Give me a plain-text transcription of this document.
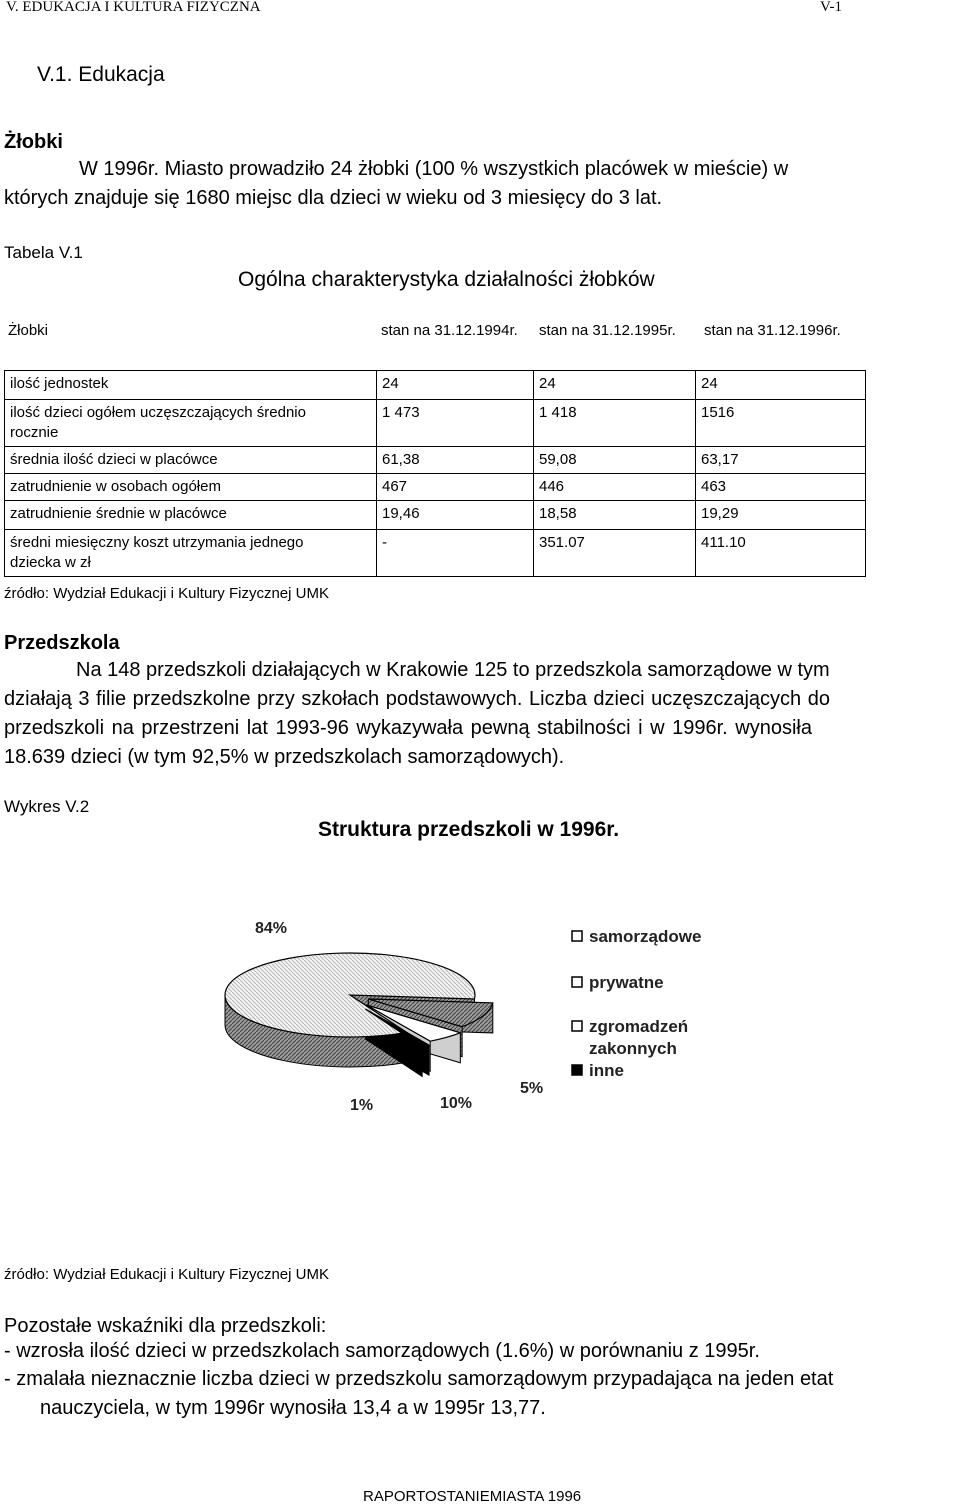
V. EDUKACJA I KULTURA FIZYCZNA	V-1
V.1. Edukacja
Żłobki
W 1996r. Miasto prowadziło 24 żłobki (100 % wszystkich placówek w mieście) w
których znajduje się 1680 miejsc dla dzieci w wieku od 3 miesięcy do 3 lat.
Tabela V.1
Ogólna charakterystyka działalności żłobków
Żłobki	stan na 31.12.1994r. stan na 31.12.1995r. stan na 31.12.1996r.
ilość jednostek	24	24	24
ilość dzieci ogółem uczęszczających średnio rocznie	1 473	1 418	1516
średnia ilość dzieci w placówce	61,38	59,08	63,17
zatrudnienie w osobach ogółem	467	446	463
zatrudnienie średnie w placówce	19,46	18,58	19,29
średni miesięczny koszt utrzymania jednego dziecka w zł	-	351.07	411.10
źródło: Wydział Edukacji i Kultury Fizycznej UMK
Przedszkola
Na 148 przedszkoli działających w Krakowie 125 to przedszkola samorządowe w tym
działają 3 filie przedszkolne przy szkołach podstawowych. Liczba dzieci uczęszczających do
przedszkoli na przestrzeni lat 1993-96 wykazywała pewną stabilności i w 1996r. wynosiła
18.639 dzieci (w tym 92,5% w przedszkolach samorządowych).
Wykres V.2
Struktura przedszkoli w 1996r.
84%
10%
5%
1%
samorządowe
prywatne
zgromadzeń
zakonnych
inne
źródło: Wydział Edukacji i Kultury Fizycznej UMK
Pozostałe wskaźniki dla przedszkoli:
- wzrosła ilość dzieci w przedszkolach samorządowych (1.6%) w porównaniu z 1995r.
- zmalała nieznacznie liczba dzieci w przedszkolu samorządowym przypadająca na jeden etat
nauczyciela, w tym 1996r wynosiła 13,4 a w 1995r 13,77.
RAPORTOSTANIEMIASTA 1996
